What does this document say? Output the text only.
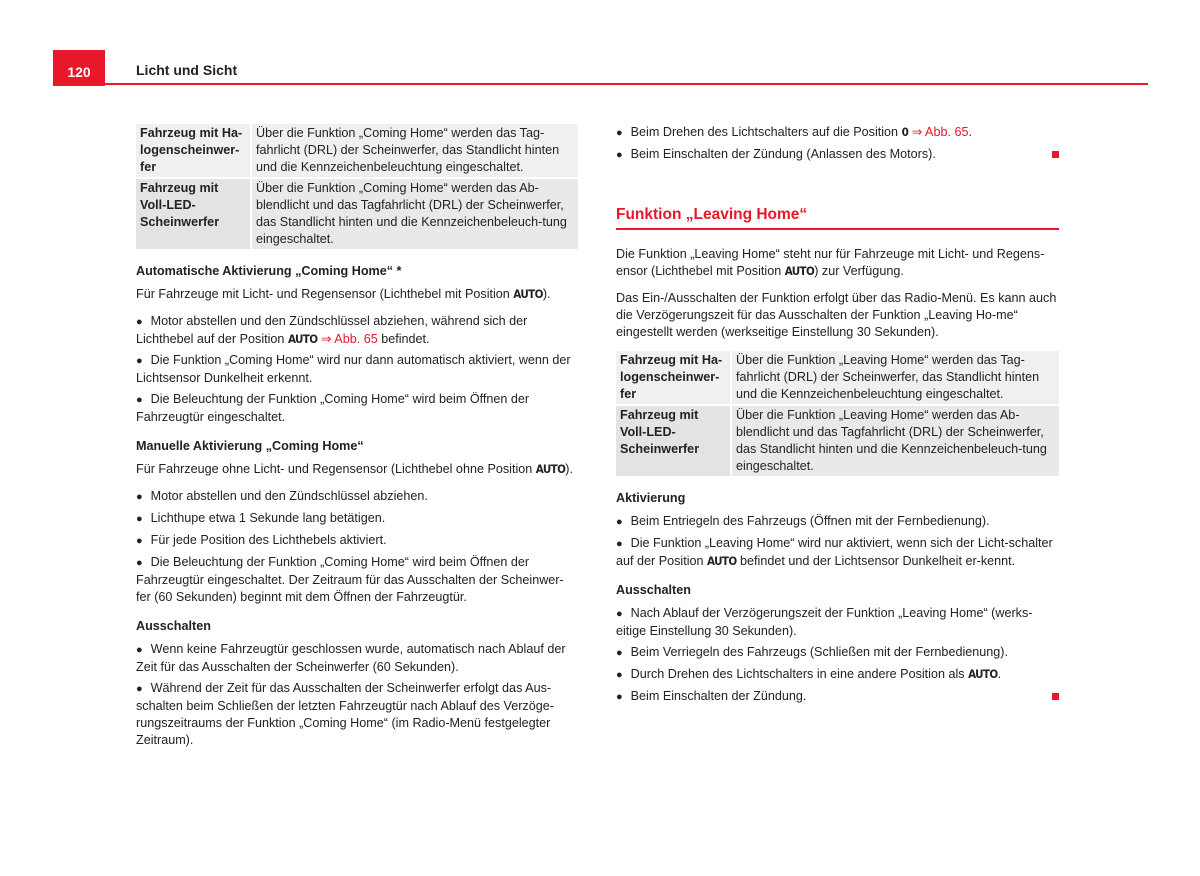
120	Licht und Sicht
Fahrzeug mit Ha-logenscheinwer-fer	Über die Funktion „Coming Home“ werden das Tag-fahrlicht (DRL) der Scheinwerfer, das Standlicht hinten und die Kennzeichenbeleuchtung eingeschaltet.
Fahrzeug mit Voll-LED-Scheinwerfer	Über die Funktion „Coming Home“ werden das Ab-blendlicht und das Tagfahrlicht (DRL) der Scheinwerfer, das Standlicht hinten und die Kennzeichenbeleuch-tung eingeschaltet.
Automatische Aktivierung „Coming Home“ *

Für Fahrzeuge mit Licht- und Regensensor (Lichthebel mit Position AUTO).

● Motor abstellen und den Zündschlüssel abziehen, während sich der Lichthebel auf der Position AUTO ⇒ Abb. 65 befindet.
● Die Funktion „Coming Home“ wird nur dann automatisch aktiviert, wenn der Lichtsensor Dunkelheit erkennt.
● Die Beleuchtung der Funktion „Coming Home“ wird beim Öffnen der Fahrzeugtür eingeschaltet.
Manuelle Aktivierung „Coming Home“

Für Fahrzeuge ohne Licht- und Regensensor (Lichthebel ohne Position AUTO).

● Motor abstellen und den Zündschlüssel abziehen.
● Lichthupe etwa 1 Sekunde lang betätigen.
● Für jede Position des Lichthebels aktiviert.
● Die Beleuchtung der Funktion „Coming Home“ wird beim Öffnen der Fahrzeugtür eingeschaltet. Der Zeitraum für das Ausschalten der Scheinwer-fer (60 Sekunden) beginnt mit dem Öffnen der Fahrzeugtür.
Ausschalten
● Wenn keine Fahrzeugtür geschlossen wurde, automatisch nach Ablauf der Zeit für das Ausschalten der Scheinwerfer (60 Sekunden).
● Während der Zeit für das Ausschalten der Scheinwerfer erfolgt das Aus-schalten beim Schließen der letzten Fahrzeugtür nach Ablauf des Verzöge-rungszeitraums der Funktion „Coming Home“ (im Radio-Menü festgelegter Zeitraum).
● Beim Drehen des Lichtschalters auf die Position 0 ⇒ Abb. 65.
● Beim Einschalten der Zündung (Anlassen des Motors).
Funktion „Leaving Home“

Die Funktion „Leaving Home“ steht nur für Fahrzeuge mit Licht- und Regens-ensor (Lichthebel mit Position AUTO) zur Verfügung.

Das Ein-/Ausschalten der Funktion erfolgt über das Radio-Menü. Es kann auch die Verzögerungszeit für das Ausschalten der Funktion „Leaving Ho-me“ eingestellt werden (werkseitige Einstellung 30 Sekunden).

Fahrzeug mit Ha-logenscheinwer-fer	Über die Funktion „Leaving Home“ werden das Tag-fahrlicht (DRL) der Scheinwerfer, das Standlicht hinten und die Kennzeichenbeleuchtung eingeschaltet.
Fahrzeug mit Voll-LED-Scheinwerfer	Über die Funktion „Leaving Home“ werden das Ab-blendlicht und das Tagfahrlicht (DRL) der Scheinwerfer, das Standlicht hinten und die Kennzeichenbeleuch-tung eingeschaltet.
Aktivierung
● Beim Entriegeln des Fahrzeugs (Öffnen mit der Fernbedienung).
● Die Funktion „Leaving Home“ wird nur aktiviert, wenn sich der Licht-schalter auf der Position AUTO befindet und der Lichtsensor Dunkelheit er-kennt.
Ausschalten
● Nach Ablauf der Verzögerungszeit der Funktion „Leaving Home“ (werks-eitige Einstellung 30 Sekunden).
● Beim Verriegeln des Fahrzeugs (Schließen mit der Fernbedienung).
● Durch Drehen des Lichtschalters in eine andere Position als AUTO.
● Beim Einschalten der Zündung.
